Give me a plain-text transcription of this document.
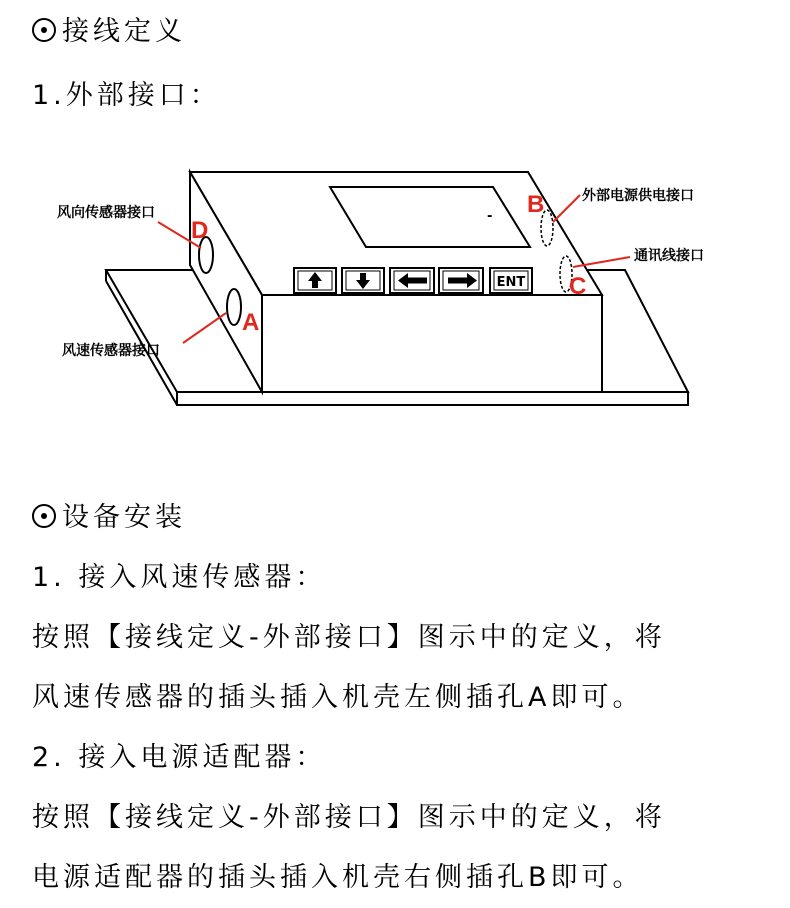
接线定义
1.外部接口：
-
ENT
D
A
B
C
风向传感器接口
风速传感器接口
外部电源供电接口
通讯线接口
设备安装
1. 接入风速传感器：
按照【接线定义-外部接口】图示中的定义，将
风速传感器的插头插入机壳左侧插孔A即可。
2. 接入电源适配器：
按照【接线定义-外部接口】图示中的定义，将
电源适配器的插头插入机壳右侧插孔B即可。
